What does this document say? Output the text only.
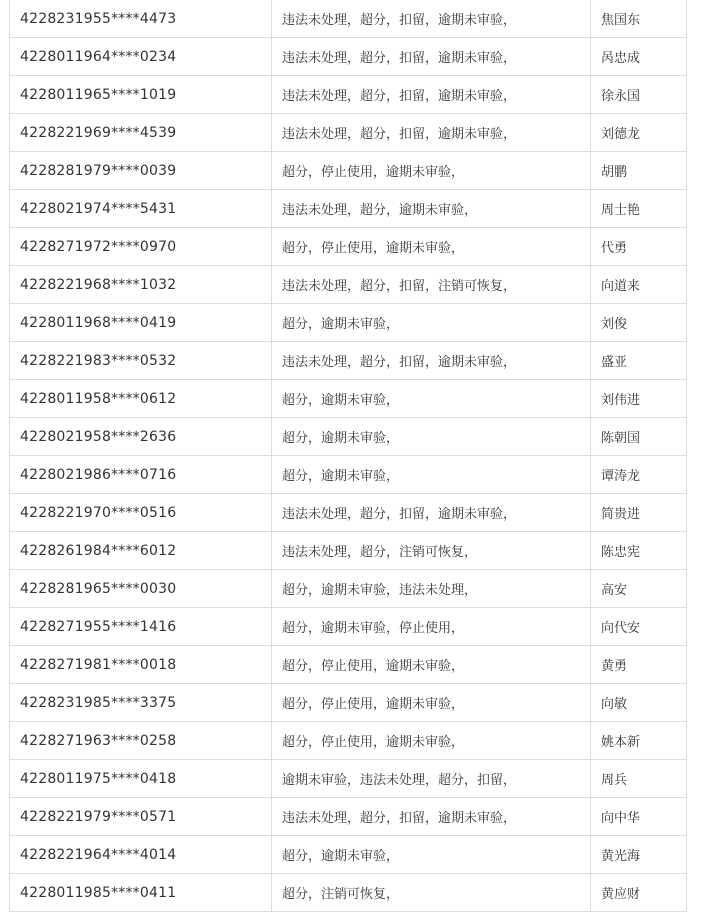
4228231955****4473	违法未处理，超分，扣留，逾期未审验，	焦国东
4228011964****0234	违法未处理，超分，扣留，逾期未审验，	呙忠成
4228011965****1019	违法未处理，超分，扣留，逾期未审验，	徐永国
4228221969****4539	违法未处理，超分，扣留，逾期未审验，	刘德龙
4228281979****0039	超分，停止使用，逾期未审验，	胡鹏
4228021974****5431	违法未处理，超分，逾期未审验，	周士艳
4228271972****0970	超分，停止使用，逾期未审验，	代勇
4228221968****1032	违法未处理，超分，扣留，注销可恢复，	向道来
4228011968****0419	超分，逾期未审验，	刘俊
4228221983****0532	违法未处理，超分，扣留，逾期未审验，	盛亚
4228011958****0612	超分，逾期未审验，	刘伟进
4228021958****2636	超分，逾期未审验，	陈朝国
4228021986****0716	超分，逾期未审验，	谭涛龙
4228221970****0516	违法未处理，超分，扣留，逾期未审验，	简贵进
4228261984****6012	违法未处理，超分，注销可恢复，	陈忠宪
4228281965****0030	超分，逾期未审验，违法未处理，	高安
4228271955****1416	超分，逾期未审验，停止使用，	向代安
4228271981****0018	超分，停止使用，逾期未审验，	黄勇
4228231985****3375	超分，停止使用，逾期未审验，	向敏
4228271963****0258	超分，停止使用，逾期未审验，	姚本新
4228011975****0418	逾期未审验，违法未处理，超分，扣留，	周兵
4228221979****0571	违法未处理，超分，扣留，逾期未审验，	向中华
4228221964****4014	超分，逾期未审验，	黄光海
4228011985****0411	超分，注销可恢复，	黄应财
